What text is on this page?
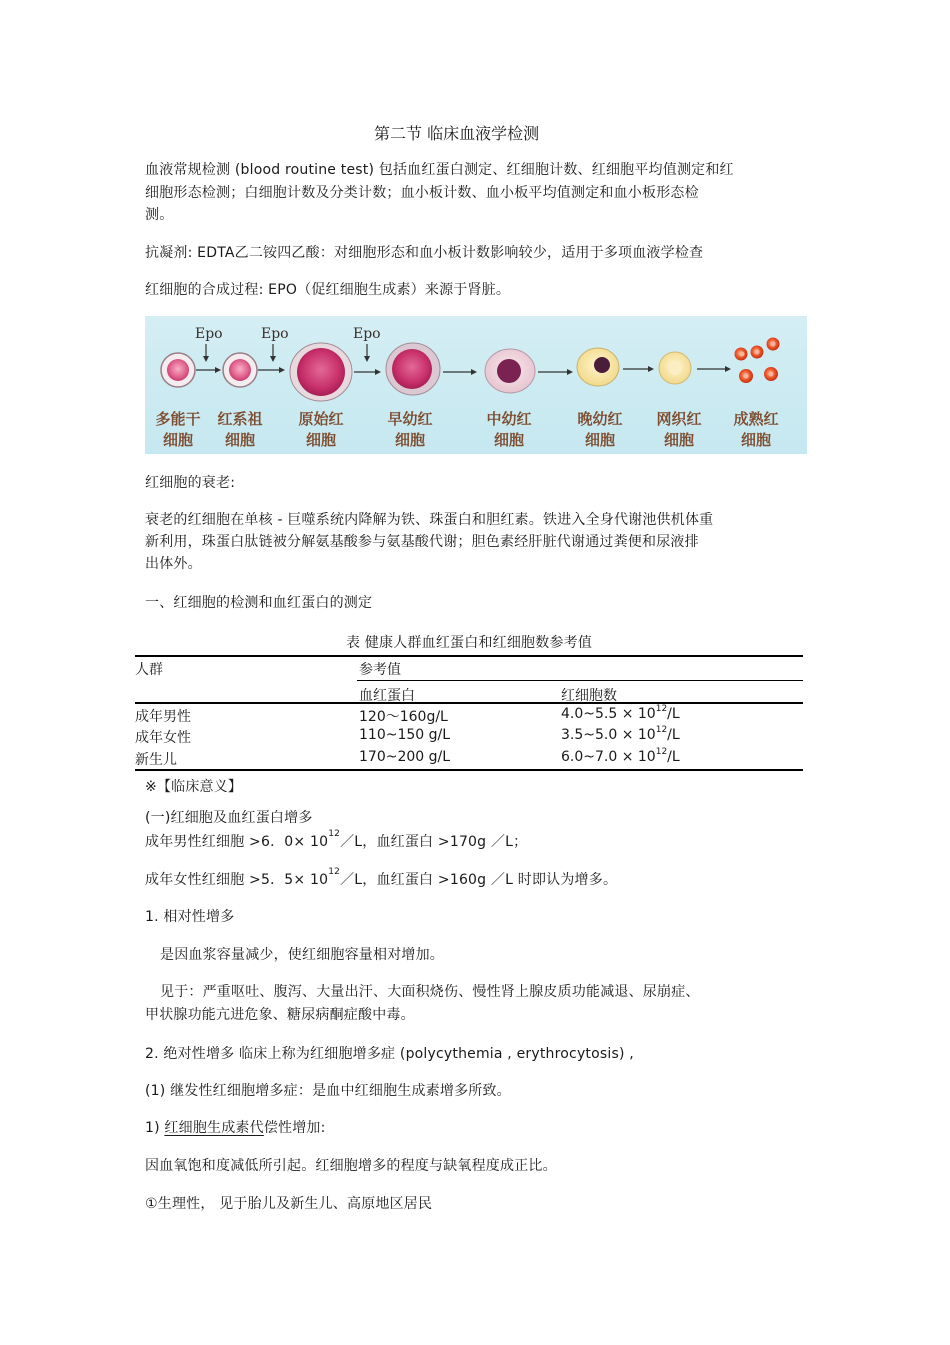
第二节 临床血液学检测
血液常规检测 (blood routine test) 包括血红蛋白测定、红细胞计数、红细胞平均值测定和红
细胞形态检测；白细胞计数及分类计数；血小板计数、血小板平均值测定和血小板形态检
测。
抗凝剂: EDTA乙二铵四乙酸：对细胞形态和血小板计数影响较少，适用于多项血液学检查
红细胞的合成过程: EPO（促红细胞生成素）来源于肾脏。
Epo	Epo	Epo
多能干
细胞
红系祖
细胞
原始红
细胞
早幼红
细胞
中幼红
细胞
晚幼红
细胞
网织红
细胞
成熟红
细胞
红细胞的衰老:
衰老的红细胞在单核 - 巨噬系统内降解为铁、珠蛋白和胆红素。铁进入全身代谢池供机体重
新利用，珠蛋白肽链被分解氨基酸参与氨基酸代谢；胆色素经肝脏代谢通过粪便和尿液排
出体外。
一、红细胞的检测和血红蛋白的测定
表 健康人群血红蛋白和红细胞数参考值
人群	参考值
血红蛋白	红细胞数
成年男性	120～160g/L	4.0~5.5 × $10^{12}/L$
成年女性	110~150 g/L	3.5~5.0 × $10^{12}/L$
新生儿	170~200 g/L	6.0~7.0 × $10^{12}/L$
※【临床意义】
(一)红细胞及血红蛋白增多
成年男性红细胞 >6．$0\times 10^{12}/L$，血红蛋白 >170g ／L；
成年女性红细胞 >5．$5\times 10^{12}/L$，血红蛋白 >160g ／L 时即认为增多。
1. 相对性增多
是因血浆容量减少，使红细胞容量相对增加。
见于：严重呕吐、腹泻、大量出汗、大面积烧伤、慢性肾上腺皮质功能减退、尿崩症、
甲状腺功能亢进危象、糖尿病酮症酸中毒。
2. 绝对性增多 临床上称为红细胞增多症 (polycythemia , erythrocytosis) ,
(1) 继发性红细胞增多症：是血中红细胞生成素增多所致。
1) 红细胞生成素代偿性增加:
因血氧饱和度减低所引起。红细胞增多的程度与缺氧程度成正比。
①生理性， 见于胎儿及新生儿、高原地区居民
